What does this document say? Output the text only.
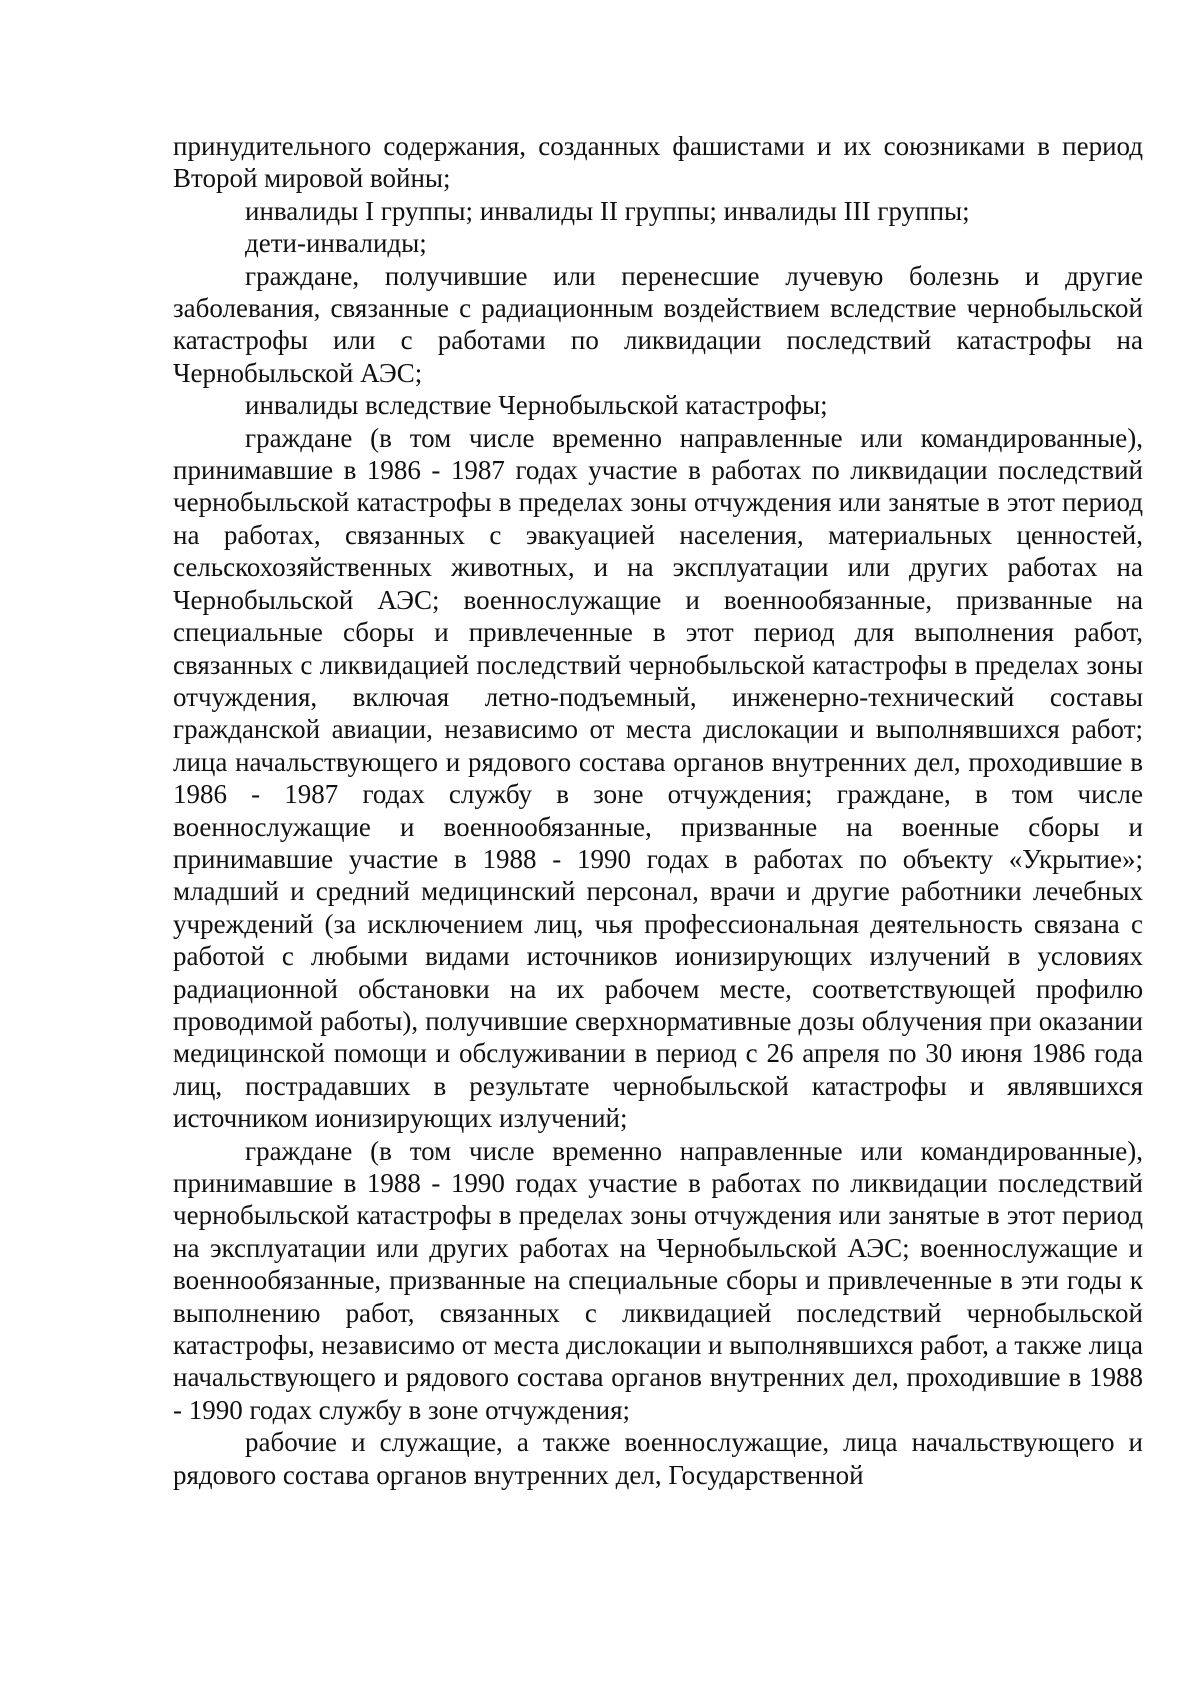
принудительного содержания, созданных фашистами и их союзниками в период Второй мировой войны;

инвалиды I группы; инвалиды II группы; инвалиды III группы;

дети-инвалиды;

граждане, получившие или перенесшие лучевую болезнь и другие заболевания, связанные с радиационным воздействием вследствие чернобыльской катастрофы или с работами по ликвидации последствий катастрофы на Чернобыльской АЭС;

инвалиды вследствие Чернобыльской катастрофы;

граждане (в том числе временно направленные или командированные), принимавшие в 1986 - 1987 годах участие в работах по ликвидации последствий чернобыльской катастрофы в пределах зоны отчуждения или занятые в этот период на работах, связанных с эвакуацией населения, материальных ценностей, сельскохозяйственных животных, и на эксплуатации или других работах на Чернобыльской АЭС; военнослужащие и военнообязанные, призванные на специальные сборы и привлеченные в этот период для выполнения работ, связанных с ликвидацией последствий чернобыльской катастрофы в пределах зоны отчуждения, включая летно-подъемный, инженерно-технический составы гражданской авиации, независимо от места дислокации и выполнявшихся работ; лица начальствующего и рядового состава органов внутренних дел, проходившие в 1986 - 1987 годах службу в зоне отчуждения; граждане, в том числе военнослужащие и военнообязанные, призванные на военные сборы и принимавшие участие в 1988 - 1990 годах в работах по объекту «Укрытие»; младший и средний медицинский персонал, врачи и другие работники лечебных учреждений (за исключением лиц, чья профессиональная деятельность связана с работой с любыми видами источников ионизирующих излучений в условиях радиационной обстановки на их рабочем месте, соответствующей профилю проводимой работы), получившие сверхнормативные дозы облучения при оказании медицинской помощи и обслуживании в период с 26 апреля по 30 июня 1986 года лиц, пострадавших в результате чернобыльской катастрофы и являвшихся источником ионизирующих излучений;

граждане (в том числе временно направленные или командированные), принимавшие в 1988 - 1990 годах участие в работах по ликвидации последствий чернобыльской катастрофы в пределах зоны отчуждения или занятые в этот период на эксплуатации или других работах на Чернобыльской АЭС; военнослужащие и военнообязанные, призванные на специальные сборы и привлеченные в эти годы к выполнению работ, связанных с ликвидацией последствий чернобыльской катастрофы, независимо от места дислокации и выполнявшихся работ, а также лица начальствующего и рядового состава органов внутренних дел, проходившие в 1988 - 1990 годах службу в зоне отчуждения;

рабочие и служащие, а также военнослужащие, лица начальствующего и рядового состава органов внутренних дел, Государственной
